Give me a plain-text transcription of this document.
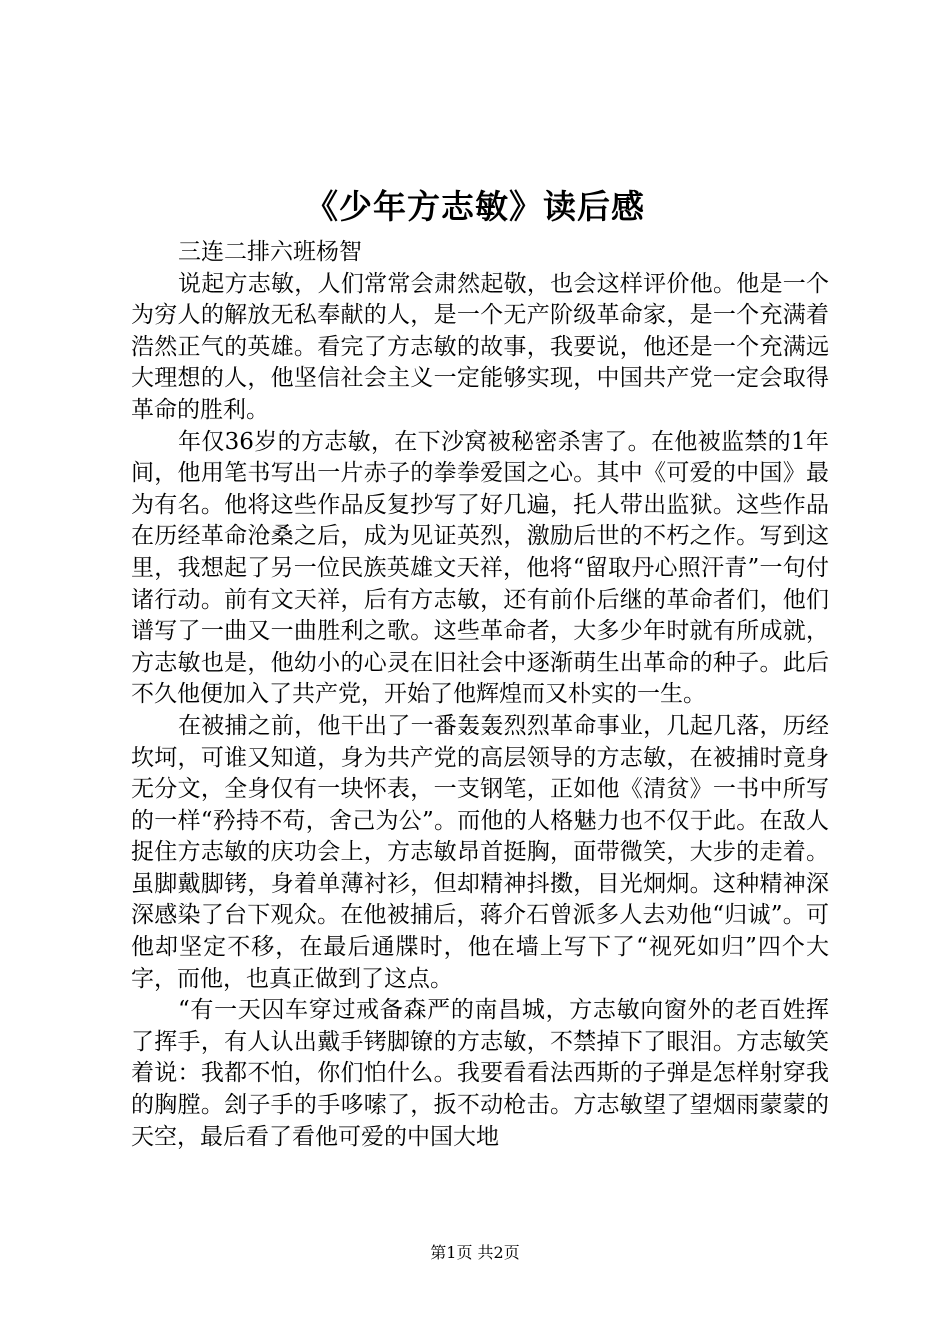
《少年方志敏》读后感

三连二排六班杨智

说起方志敏，人们常常会肃然起敬，也会这样评价他。他是一个为穷人的解放无私奉献的人，是一个无产阶级革命家，是一个充满着浩然正气的英雄。看完了方志敏的故事，我要说，他还是一个充满远大理想的人，他坚信社会主义一定能够实现，中国共产党一定会取得革命的胜利。

年仅36岁的方志敏，在下沙窝被秘密杀害了。在他被监禁的1年间，他用笔书写出一片赤子的拳拳爱国之心。其中《可爱的中国》最为有名。他将这些作品反复抄写了好几遍，托人带出监狱。这些作品在历经革命沧桑之后，成为见证英烈，激励后世的不朽之作。写到这里，我想起了另一位民族英雄文天祥，他将“留取丹心照汗青”一句付诸行动。前有文天祥，后有方志敏，还有前仆后继的革命者们，他们谱写了一曲又一曲胜利之歌。这些革命者，大多少年时就有所成就，方志敏也是，他幼小的心灵在旧社会中逐渐萌生出革命的种子。此后不久他便加入了共产党，开始了他辉煌而又朴实的一生。

在被捕之前，他干出了一番轰轰烈烈革命事业，几起几落，历经坎坷，可谁又知道，身为共产党的高层领导的方志敏，在被捕时竟身无分文，全身仅有一块怀表，一支钢笔，正如他《清贫》一书中所写的一样“矜持不苟，舍己为公”。而他的人格魅力也不仅于此。在敌人捉住方志敏的庆功会上，方志敏昂首挺胸，面带微笑，大步的走着。虽脚戴脚铐，身着单薄衬衫，但却精神抖擞，目光炯炯。这种精神深深感染了台下观众。在他被捕后，蒋介石曾派多人去劝他“归诚”。可他却坚定不移，在最后通牒时，他在墙上写下了“视死如归”四个大字，而他，也真正做到了这点。

“有一天囚车穿过戒备森严的南昌城，方志敏向窗外的老百姓挥了挥手，有人认出戴手铐脚镣的方志敏，不禁掉下了眼泪。方志敏笑着说：我都不怕，你们怕什么。我要看看法西斯的子弹是怎样射穿我的胸膛。刽子手的手哆嗦了，扳不动枪击。方志敏望了望烟雨蒙蒙的天空，最后看了看他可爱的中国大地

第1页 共2页
